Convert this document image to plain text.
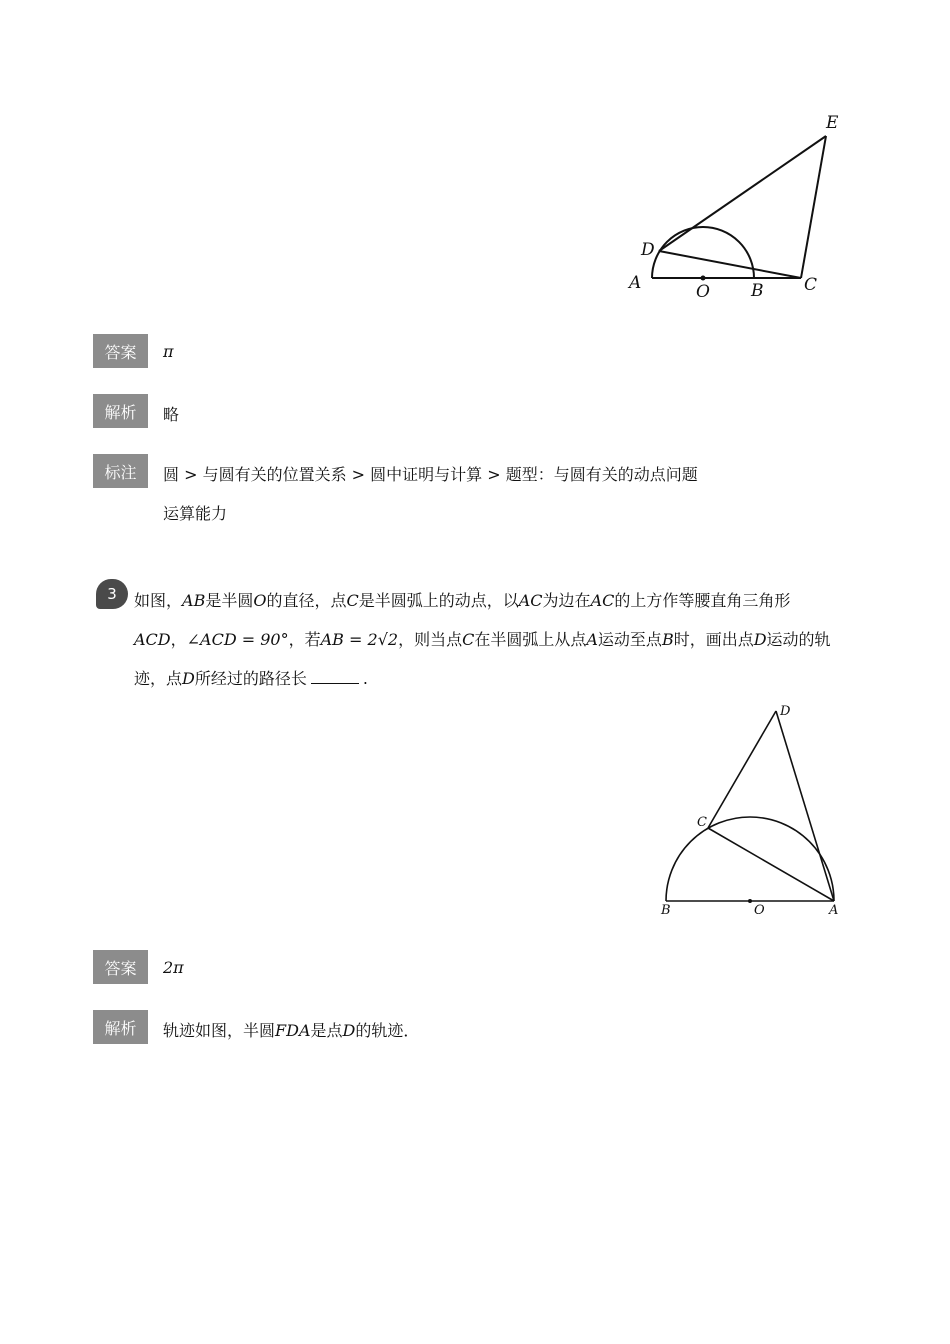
A	O B C
D
E
答案	π
解析	略
标注	圆 > 与圆有关的位置关系 > 圆中证明与计算 > 题型：与圆有关的动点问题
运算能力
3	如图，AB是半圆O的直径，点C是半圆弧上的动点，以AC为边在AC的上方作等腰直角三角形
ACD，∠ACD = 90°，若AB = 2√2，则当点C在半圆弧上从点A运动至点B时，画出点D运动的轨
迹，点D所经过的路径长	.
B	O	A
C
D
答案	2π
解析	轨迹如图，半圆FDA是点D的轨迹．
